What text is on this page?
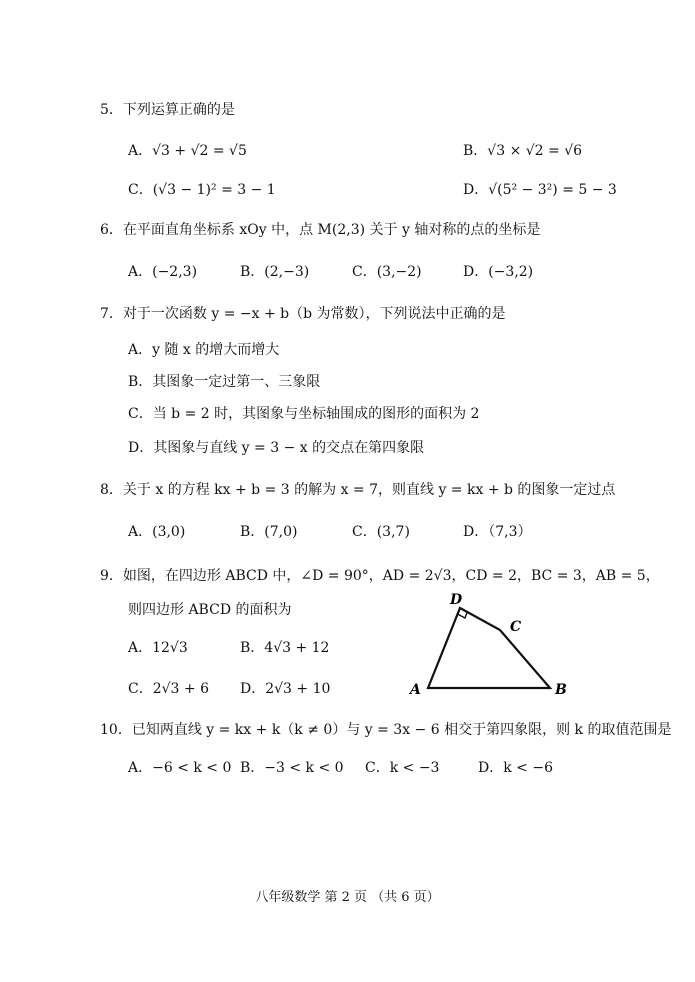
5．下列运算正确的是
A．√3 + √2 = √5	B．√3 × √2 = √6
C．(√3 − 1)² = 3 − 1	D．√(5² − 3²) = 5 − 3
6．在平面直角坐标系 xOy 中，点 M(2,3) 关于 y 轴对称的点的坐标是
A．(−2,3)	B．(2,−3)	C．(3,−2)	D．(−3,2)
7．对于一次函数 y = −x + b（b 为常数），下列说法中正确的是
A．y 随 x 的增大而增大
B．其图象一定过第一、三象限
C．当 b = 2 时，其图象与坐标轴围成的图形的面积为 2
D．其图象与直线 y = 3 − x 的交点在第四象限
8．关于 x 的方程 kx + b = 3 的解为 x = 7，则直线 y = kx + b 的图象一定过点
A．(3,0)	B．(7,0)	C．(3,7)	D．（7,3）
9．如图，在四边形 ABCD 中，∠D = 90°，AD = 2√3，CD = 2，BC = 3，AB = 5，
则四边形 ABCD 的面积为
A．12√3	B．4√3 + 12
C．2√3 + 6 D．2√3 + 10	A	B
C
D
10．已知两直线 y = kx + k（k ≠ 0）与 y = 3x − 6 相交于第四象限，则 k 的取值范围是
A．−6 < k < 0 B．−3 < k < 0 C．k < −3	D．k < −6
八年级数学 第 2 页 （共 6 页）
